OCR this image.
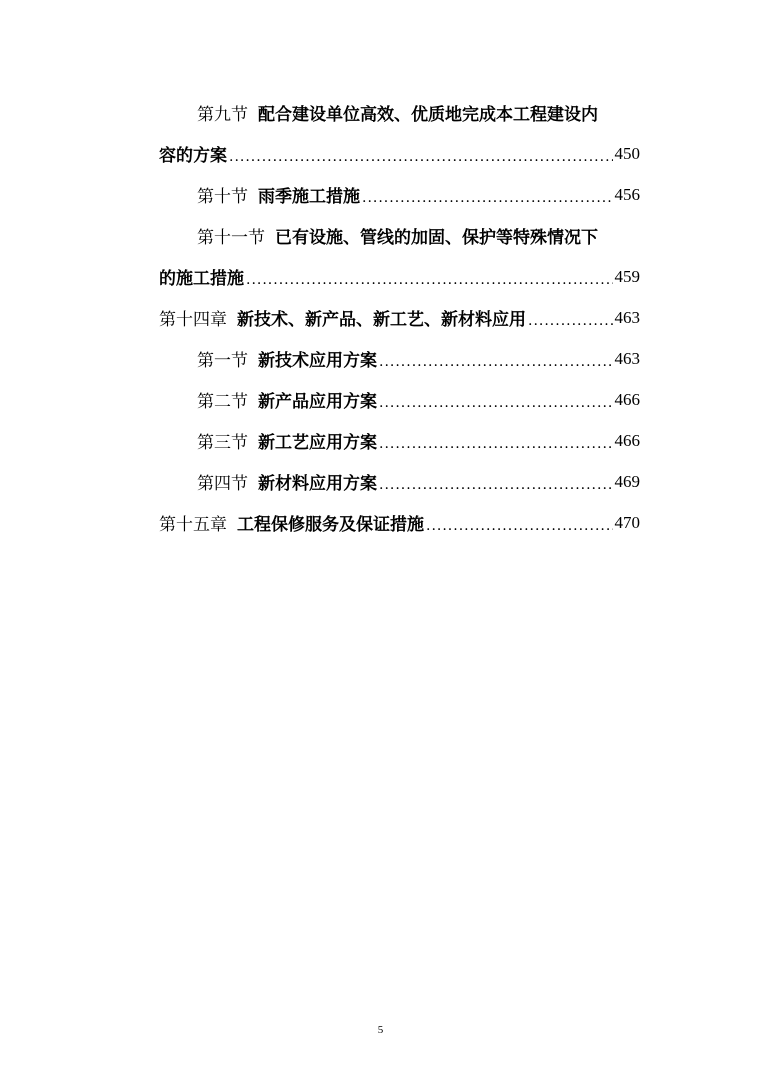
第九节 配合建设单位高效、优质地完成本工程建设内
容的方案 .....	450
第十节 雨季施工措施 .....	456
第十一节 已有设施、管线的加固、保护等特殊情况下
的施工措施 .....	459
第十四章 新技术、新产品、新工艺、新材料应用 .....	463
第一节 新技术应用方案 .....	463
第二节 新产品应用方案 .....	466
第三节 新工艺应用方案 .....	466
第四节 新材料应用方案 .....	469
第十五章 工程保修服务及保证措施 .....	470
5
